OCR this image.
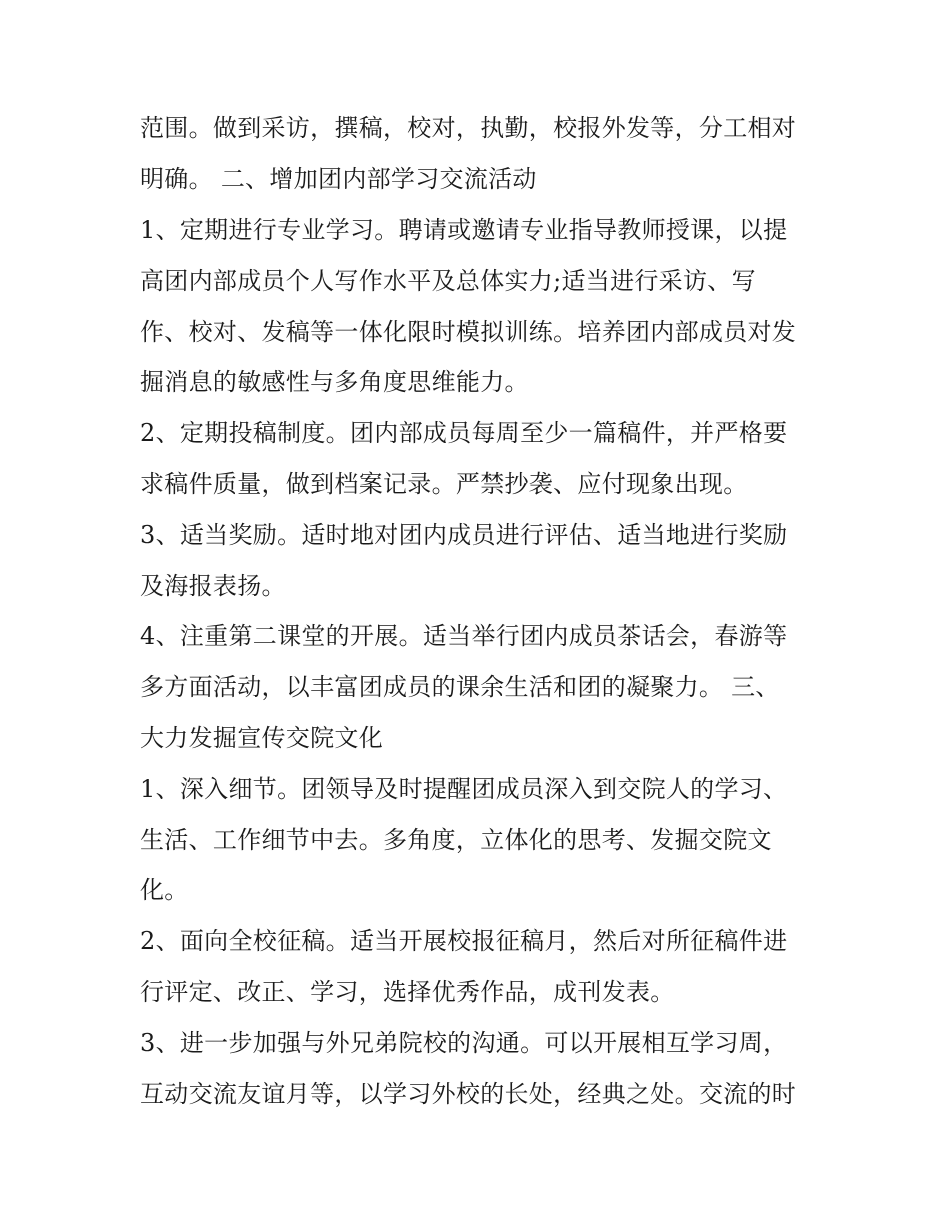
范围。做到采访，撰稿，校对，执勤，校报外发等，分工相对
明确。 二、增加团内部学习交流活动
1、定期进行专业学习。聘请或邀请专业指导教师授课，以提
高团内部成员个人写作水平及总体实力;适当进行采访、写
作、校对、发稿等一体化限时模拟训练。培养团内部成员对发
掘消息的敏感性与多角度思维能力。
2、定期投稿制度。团内部成员每周至少一篇稿件，并严格要
求稿件质量，做到档案记录。严禁抄袭、应付现象出现。
3、适当奖励。适时地对团内成员进行评估、适当地进行奖励
及海报表扬。
4、注重第二课堂的开展。适当举行团内成员茶话会，春游等
多方面活动，以丰富团成员的课余生活和团的凝聚力。 三、
大力发掘宣传交院文化
1、深入细节。团领导及时提醒团成员深入到交院人的学习、
生活、工作细节中去。多角度，立体化的思考、发掘交院文
化。
2、面向全校征稿。适当开展校报征稿月，然后对所征稿件进
行评定、改正、学习，选择优秀作品，成刊发表。
3、进一步加强与外兄弟院校的沟通。可以开展相互学习周，
互动交流友谊月等，以学习外校的长处，经典之处。交流的时
